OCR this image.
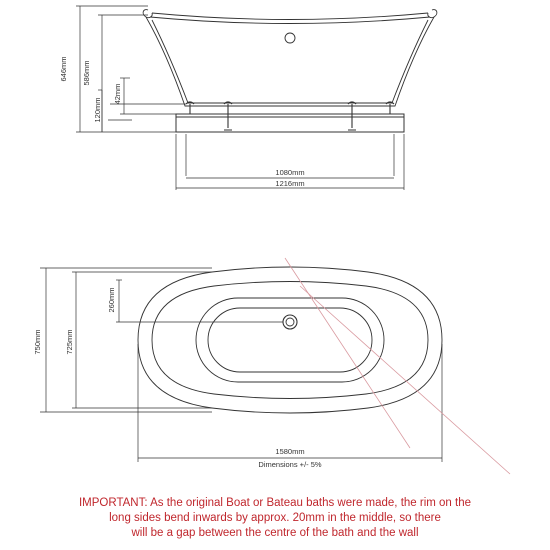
646mm 586mm
42mm
120mm
1080mm
1216mm
750mm	725mm
260mm
1580mm
Dimensions +/- 5%
IMPORTANT: As the original Boat or Bateau baths were made, the rim on the
long sides bend inwards by approx. 20mm in the middle, so there
will be a gap between the centre of the bath and the wall
